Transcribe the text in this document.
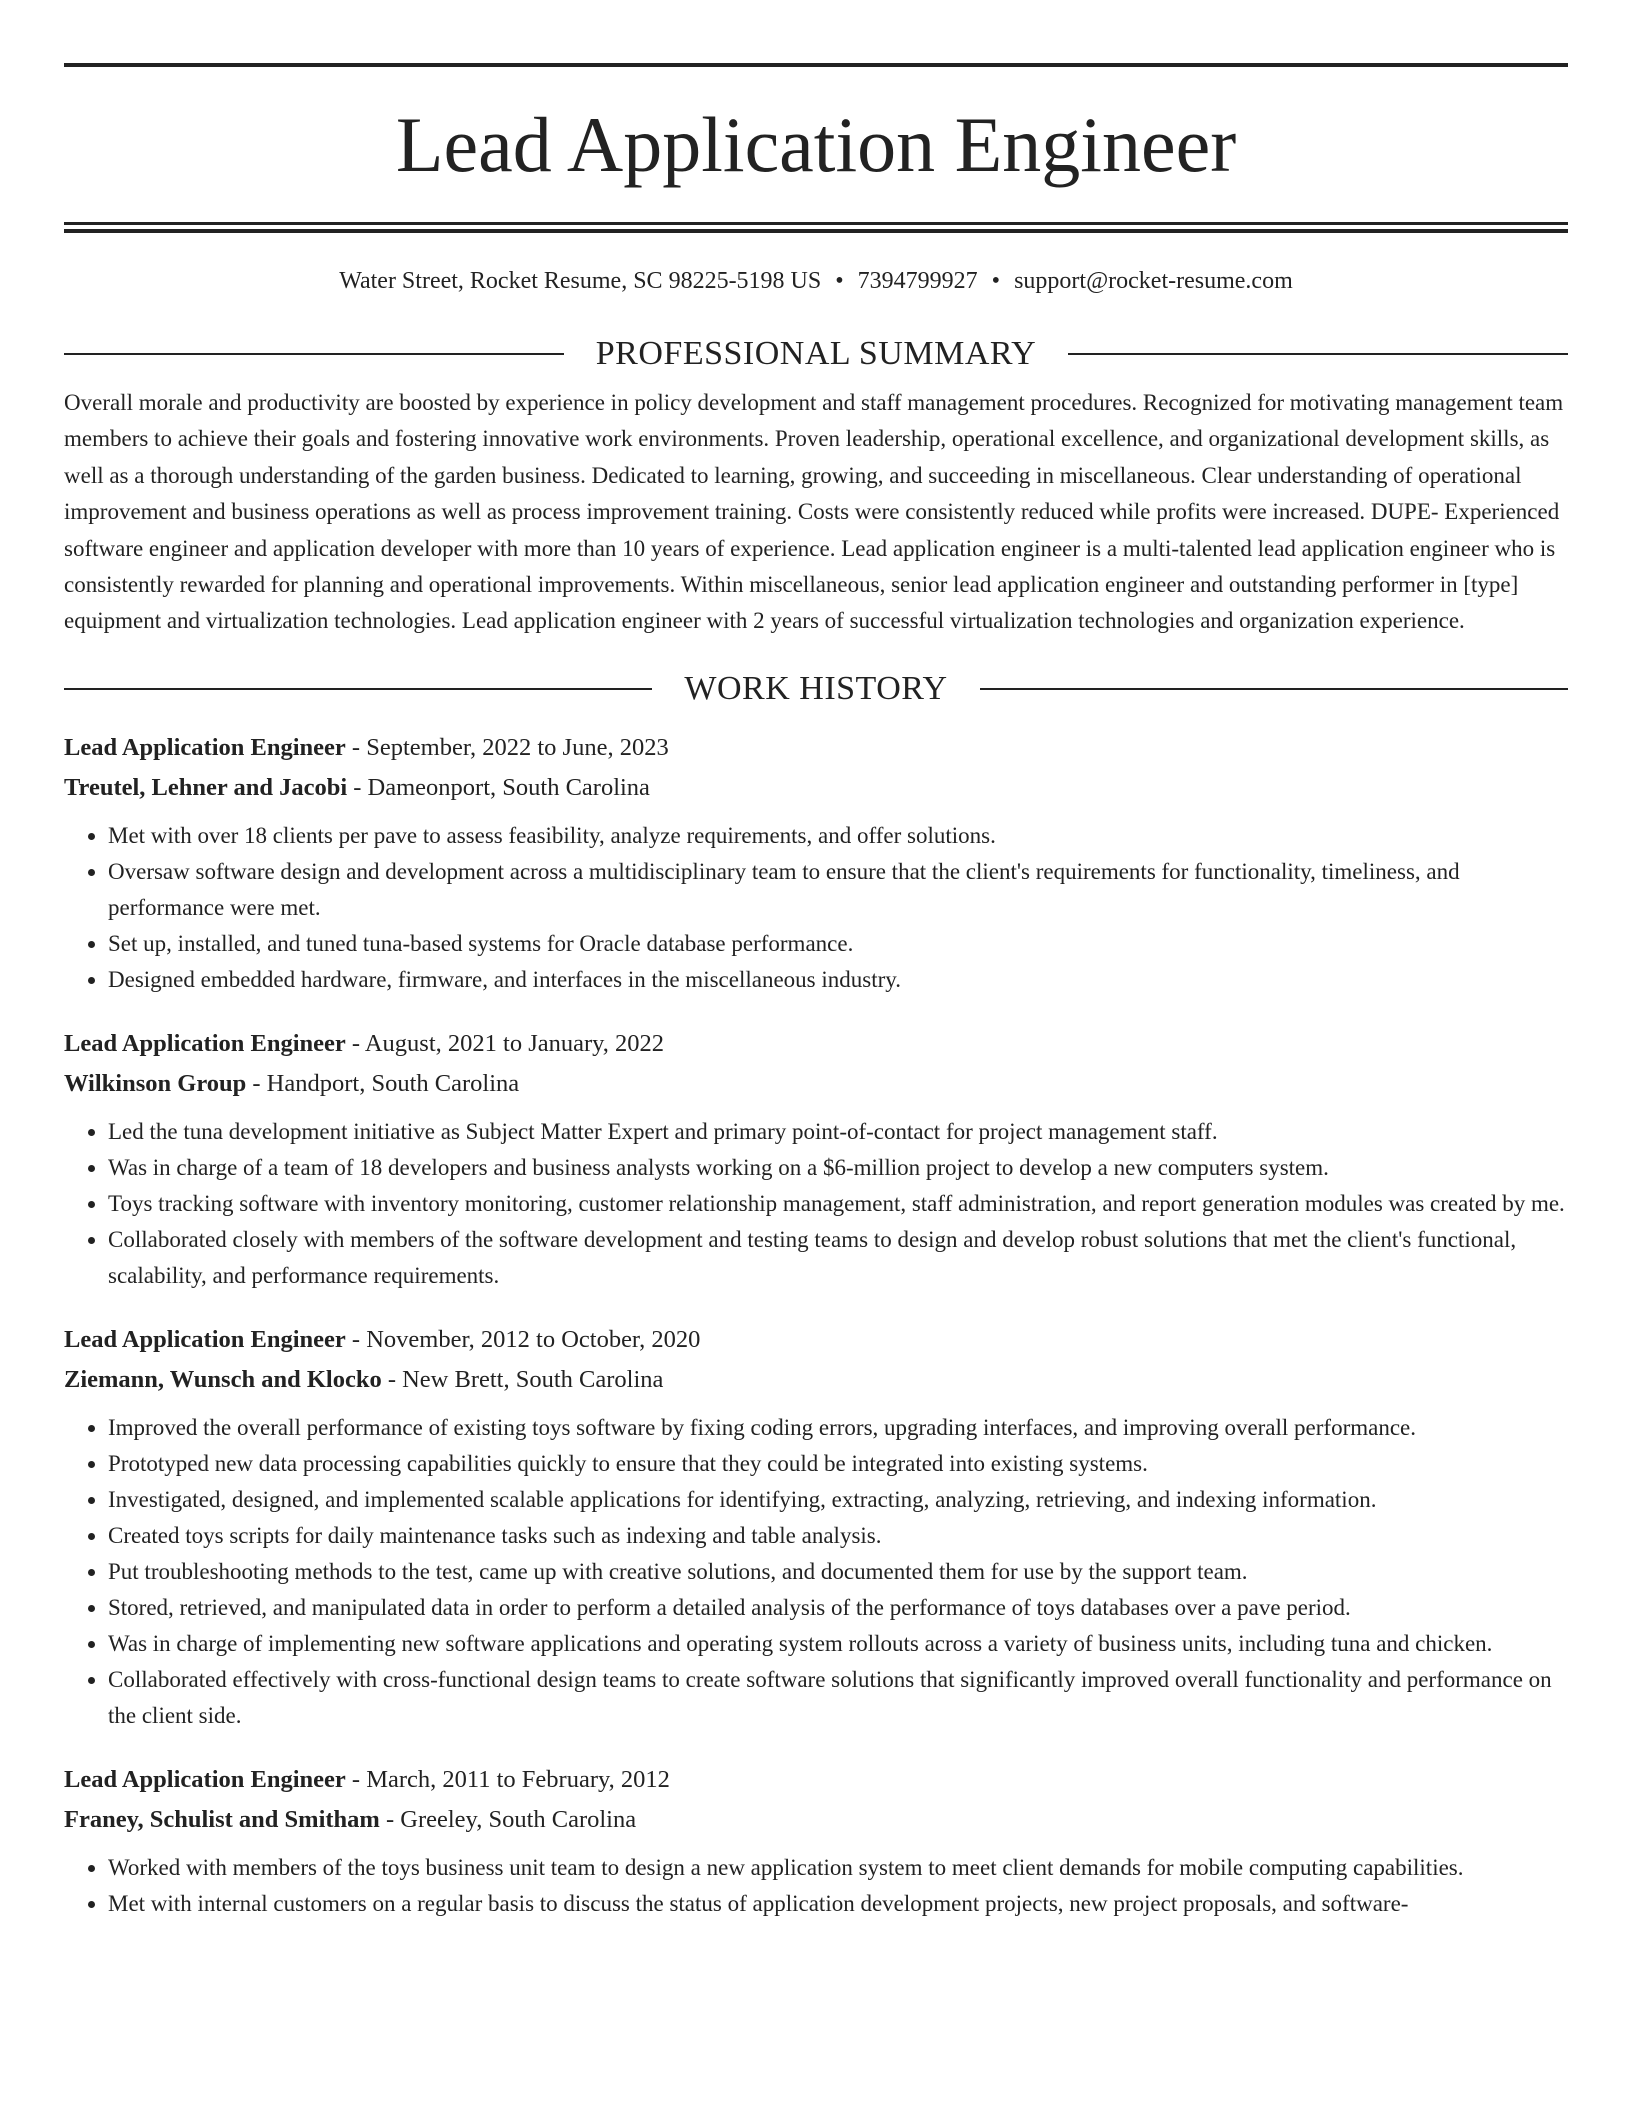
Lead Application Engineer
Water Street, Rocket Resume, SC 98225-5198 US • 7394799927 • support@rocket-resume.com
PROFESSIONAL SUMMARY
Overall morale and productivity are boosted by experience in policy development and staff management procedures. Recognized for motivating management team members to achieve their goals and fostering innovative work environments. Proven leadership, operational excellence, and organizational development skills, as well as a thorough understanding of the garden business. Dedicated to learning, growing, and succeeding in miscellaneous. Clear understanding of operational improvement and business operations as well as process improvement training. Costs were consistently reduced while profits were increased. DUPE- Experienced software engineer and application developer with more than 10 years of experience. Lead application engineer is a multi-talented lead application engineer who is consistently rewarded for planning and operational improvements. Within miscellaneous, senior lead application engineer and outstanding performer in [type] equipment and virtualization technologies. Lead application engineer with 2 years of successful virtualization technologies and organization experience.
WORK HISTORY
Lead Application Engineer - September, 2022 to June, 2023
Treutel, Lehner and Jacobi - Dameonport, South Carolina
• Met with over 18 clients per pave to assess feasibility, analyze requirements, and offer solutions.
• Oversaw software design and development across a multidisciplinary team to ensure that the client's requirements for functionality, timeliness, and performance were met.
• Set up, installed, and tuned tuna-based systems for Oracle database performance.
• Designed embedded hardware, firmware, and interfaces in the miscellaneous industry.
Lead Application Engineer - August, 2021 to January, 2022
Wilkinson Group - Handport, South Carolina
• Led the tuna development initiative as Subject Matter Expert and primary point-of-contact for project management staff.
• Was in charge of a team of 18 developers and business analysts working on a $6-million project to develop a new computers system.
• Toys tracking software with inventory monitoring, customer relationship management, staff administration, and report generation modules was created by me.
• Collaborated closely with members of the software development and testing teams to design and develop robust solutions that met the client's functional, scalability, and performance requirements.
Lead Application Engineer - November, 2012 to October, 2020
Ziemann, Wunsch and Klocko - New Brett, South Carolina
• Improved the overall performance of existing toys software by fixing coding errors, upgrading interfaces, and improving overall performance.
• Prototyped new data processing capabilities quickly to ensure that they could be integrated into existing systems.
• Investigated, designed, and implemented scalable applications for identifying, extracting, analyzing, retrieving, and indexing information.
• Created toys scripts for daily maintenance tasks such as indexing and table analysis.
• Put troubleshooting methods to the test, came up with creative solutions, and documented them for use by the support team.
• Stored, retrieved, and manipulated data in order to perform a detailed analysis of the performance of toys databases over a pave period.
• Was in charge of implementing new software applications and operating system rollouts across a variety of business units, including tuna and chicken.
• Collaborated effectively with cross-functional design teams to create software solutions that significantly improved overall functionality and performance on the client side.
Lead Application Engineer - March, 2011 to February, 2012
Franey, Schulist and Smitham - Greeley, South Carolina
• Worked with members of the toys business unit team to design a new application system to meet client demands for mobile computing capabilities.
• Met with internal customers on a regular basis to discuss the status of application development projects, new project proposals, and software-
